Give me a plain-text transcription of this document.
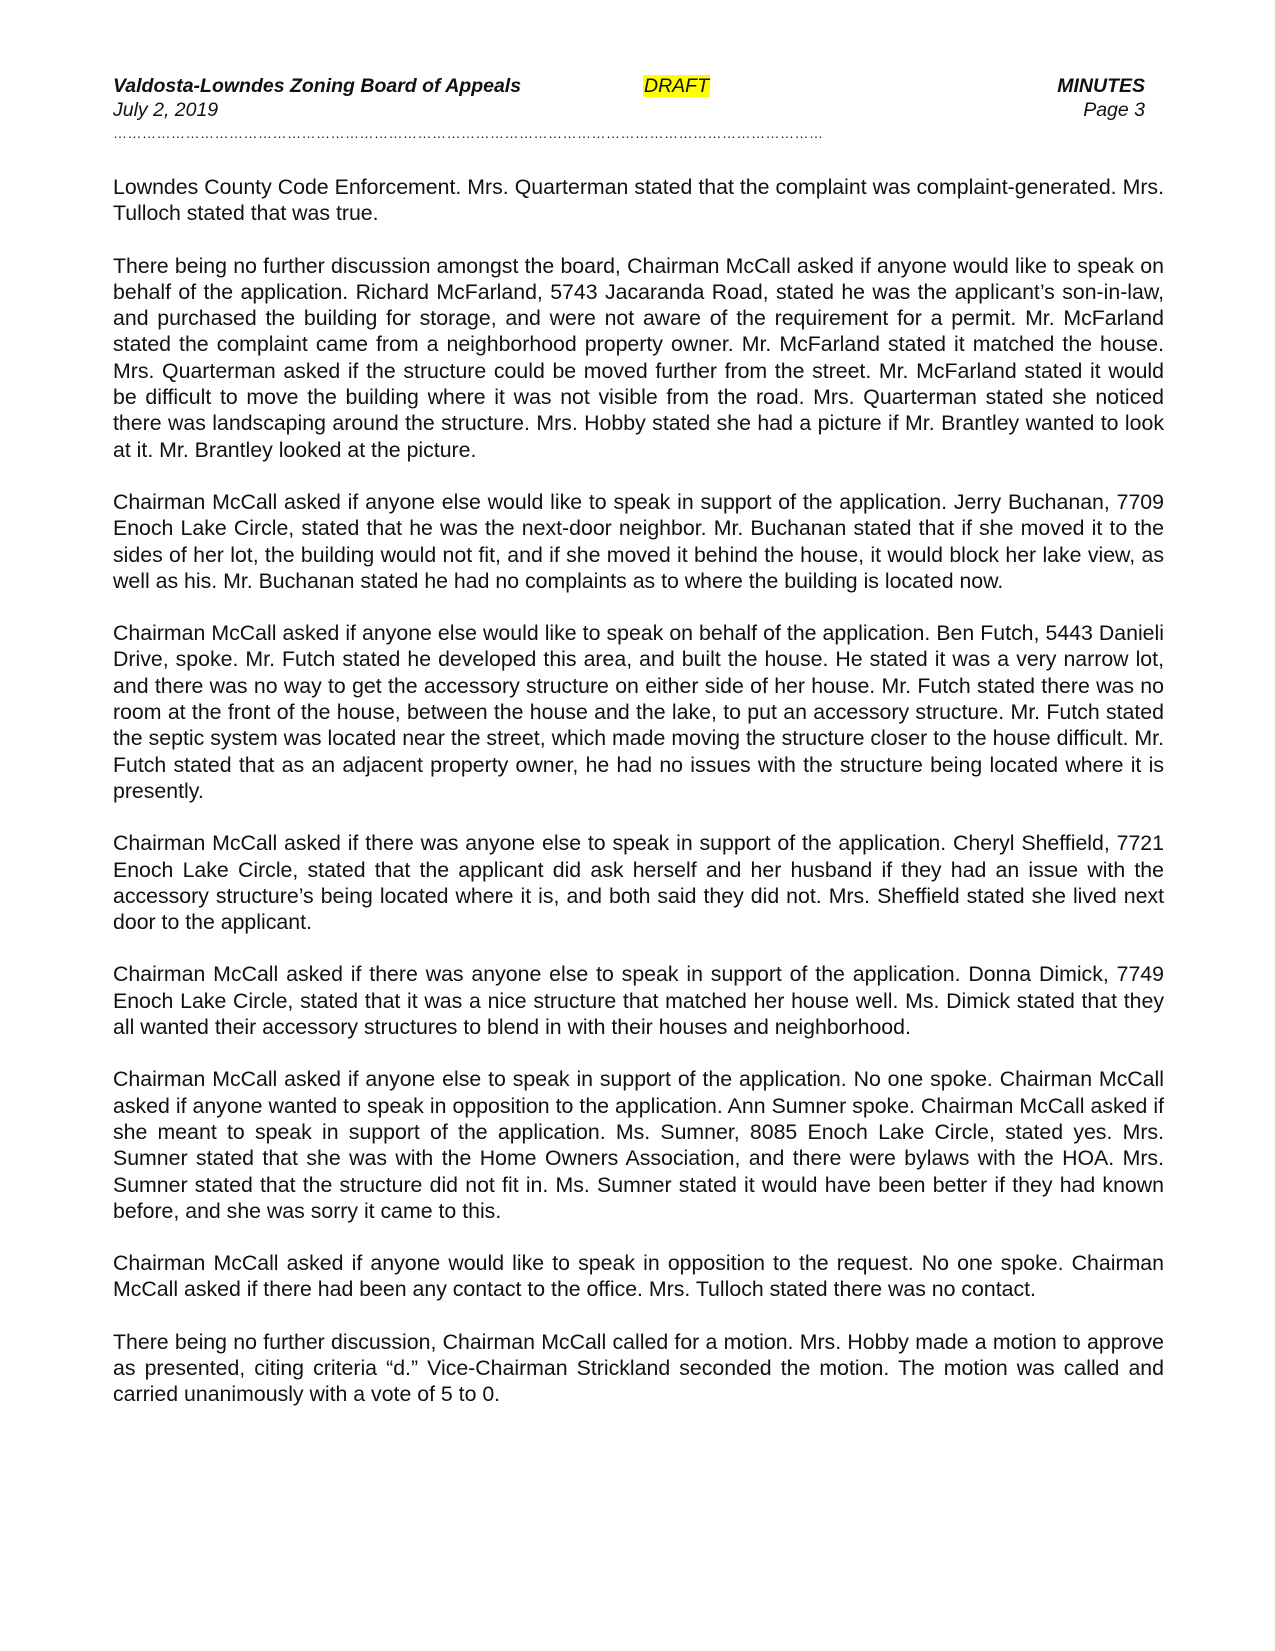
Valdosta-Lowndes Zoning Board of Appeals	DRAFT	MINUTES
July 2, 2019	Page 3
…………………………………………………………………………………………………………………………………

Lowndes County Code Enforcement. Mrs. Quarterman stated that the complaint was complaint-generated. Mrs. Tulloch stated that was true.

There being no further discussion amongst the board, Chairman McCall asked if anyone would like to speak on behalf of the application. Richard McFarland, 5743 Jacaranda Road, stated he was the applicant’s son-in-law, and purchased the building for storage, and were not aware of the requirement for a permit. Mr. McFarland stated the complaint came from a neighborhood property owner. Mr. McFarland stated it matched the house. Mrs. Quarterman asked if the structure could be moved further from the street. Mr. McFarland stated it would be difficult to move the building where it was not visible from the road. Mrs. Quarterman stated she noticed there was landscaping around the structure. Mrs. Hobby stated she had a picture if Mr. Brantley wanted to look at it. Mr. Brantley looked at the picture.

Chairman McCall asked if anyone else would like to speak in support of the application. Jerry Buchanan, 7709 Enoch Lake Circle, stated that he was the next-door neighbor. Mr. Buchanan stated that if she moved it to the sides of her lot, the building would not fit, and if she moved it behind the house, it would block her lake view, as well as his. Mr. Buchanan stated he had no complaints as to where the building is located now.

Chairman McCall asked if anyone else would like to speak on behalf of the application. Ben Futch, 5443 Danieli Drive, spoke. Mr. Futch stated he developed this area, and built the house. He stated it was a very narrow lot, and there was no way to get the accessory structure on either side of her house. Mr. Futch stated there was no room at the front of the house, between the house and the lake, to put an accessory structure. Mr. Futch stated the septic system was located near the street, which made moving the structure closer to the house difficult. Mr. Futch stated that as an adjacent property owner, he had no issues with the structure being located where it is presently.

Chairman McCall asked if there was anyone else to speak in support of the application. Cheryl Sheffield, 7721 Enoch Lake Circle, stated that the applicant did ask herself and her husband if they had an issue with the accessory structure’s being located where it is, and both said they did not. Mrs. Sheffield stated she lived next door to the applicant.

Chairman McCall asked if there was anyone else to speak in support of the application. Donna Dimick, 7749 Enoch Lake Circle, stated that it was a nice structure that matched her house well. Ms. Dimick stated that they all wanted their accessory structures to blend in with their houses and neighborhood.

Chairman McCall asked if anyone else to speak in support of the application. No one spoke. Chairman McCall asked if anyone wanted to speak in opposition to the application. Ann Sumner spoke. Chairman McCall asked if she meant to speak in support of the application. Ms. Sumner, 8085 Enoch Lake Circle, stated yes. Mrs. Sumner stated that she was with the Home Owners Association, and there were bylaws with the HOA. Mrs. Sumner stated that the structure did not fit in. Ms. Sumner stated it would have been better if they had known before, and she was sorry it came to this.

Chairman McCall asked if anyone would like to speak in opposition to the request. No one spoke. Chairman McCall asked if there had been any contact to the office. Mrs. Tulloch stated there was no contact.

There being no further discussion, Chairman McCall called for a motion. Mrs. Hobby made a motion to approve as presented, citing criteria “d.” Vice-Chairman Strickland seconded the motion. The motion was called and carried unanimously with a vote of 5 to 0.
